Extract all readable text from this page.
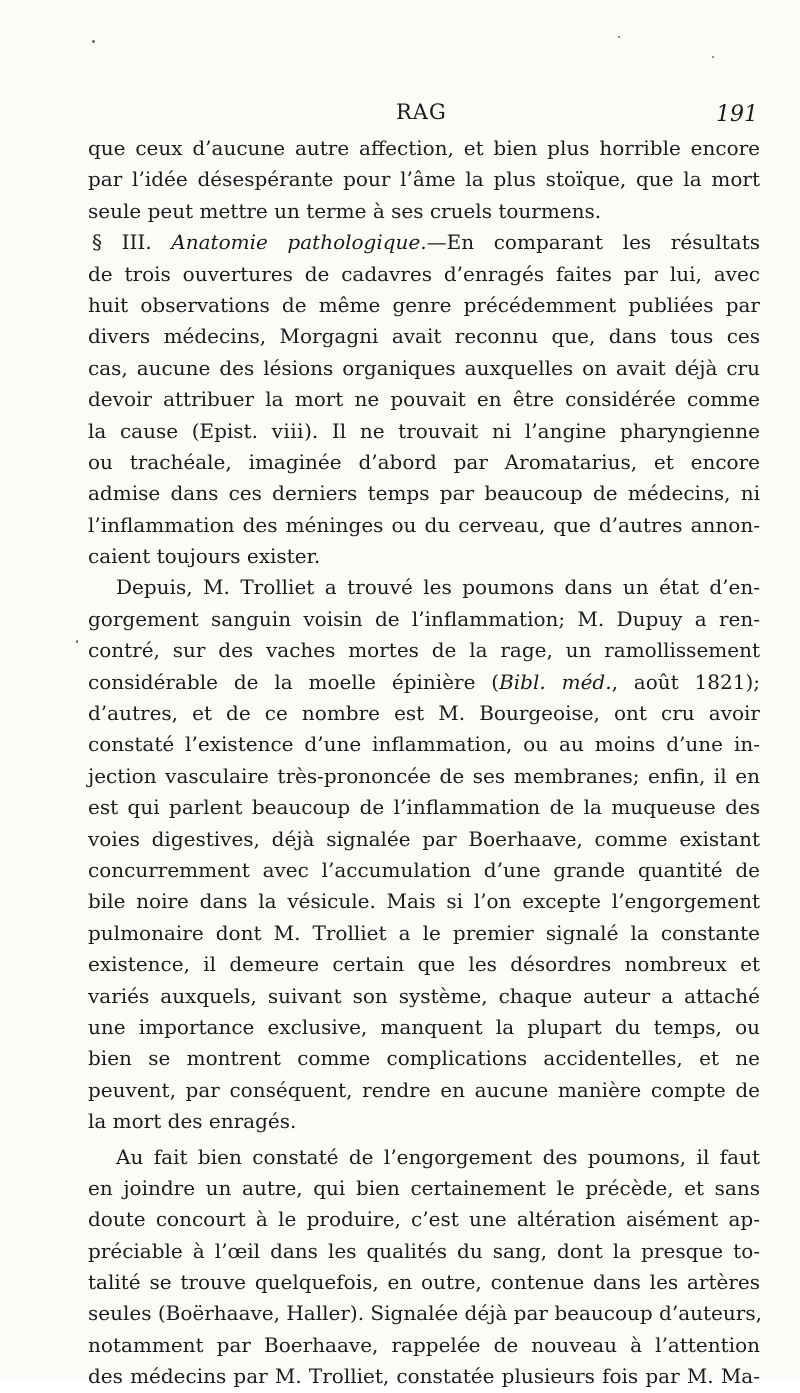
RAG	191
que ceux d’aucune autre affection, et bien plus horrible encore
par l’idée désespérante pour l’âme la plus stoïque, que la mort
seule peut mettre un terme à ses cruels tourmens.
§ III. Anatomie pathologique.—En comparant les résultats
de trois ouvertures de cadavres d’enragés faites par lui, avec
huit observations de même genre précédemment publiées par
divers médecins, Morgagni avait reconnu que, dans tous ces
cas, aucune des lésions organiques auxquelles on avait déjà cru
devoir attribuer la mort ne pouvait en être considérée comme
la cause (Epist. viii). Il ne trouvait ni l’angine pharyngienne
ou trachéale, imaginée d’abord par Aromatarius, et encore
admise dans ces derniers temps par beaucoup de médecins, ni
l’inflammation des méninges ou du cerveau, que d’autres annon-
caient toujours exister.
Depuis, M. Trolliet a trouvé les poumons dans un état d’en-
gorgement sanguin voisin de l’inflammation; M. Dupuy a ren-
contré, sur des vaches mortes de la rage, un ramollissement
considérable de la moelle épinière (Bibl. méd., août 1821);
d’autres, et de ce nombre est M. Bourgeoise, ont cru avoir
constaté l’existence d’une inflammation, ou au moins d’une in-
jection vasculaire très-prononcée de ses membranes; enfin, il en
est qui parlent beaucoup de l’inflammation de la muqueuse des
voies digestives, déjà signalée par Boerhaave, comme existant
concurremment avec l’accumulation d’une grande quantité de
bile noire dans la vésicule. Mais si l’on excepte l’engorgement
pulmonaire dont M. Trolliet a le premier signalé la constante
existence, il demeure certain que les désordres nombreux et
variés auxquels, suivant son système, chaque auteur a attaché
une importance exclusive, manquent la plupart du temps, ou
bien se montrent comme complications accidentelles, et ne
peuvent, par conséquent, rendre en aucune manière compte de
la mort des enragés.
Au fait bien constaté de l’engorgement des poumons, il faut
en joindre un autre, qui bien certainement le précède, et sans
doute concourt à le produire, c’est une altération aisément ap-
préciable à l’œil dans les qualités du sang, dont la presque to-
talité se trouve quelquefois, en outre, contenue dans les artères
seules (Boërhaave, Haller). Signalée déjà par beaucoup d’auteurs,
notamment par Boerhaave, rappelée de nouveau à l’attention
des médecins par M. Trolliet, constatée plusieurs fois par M. Ma-
